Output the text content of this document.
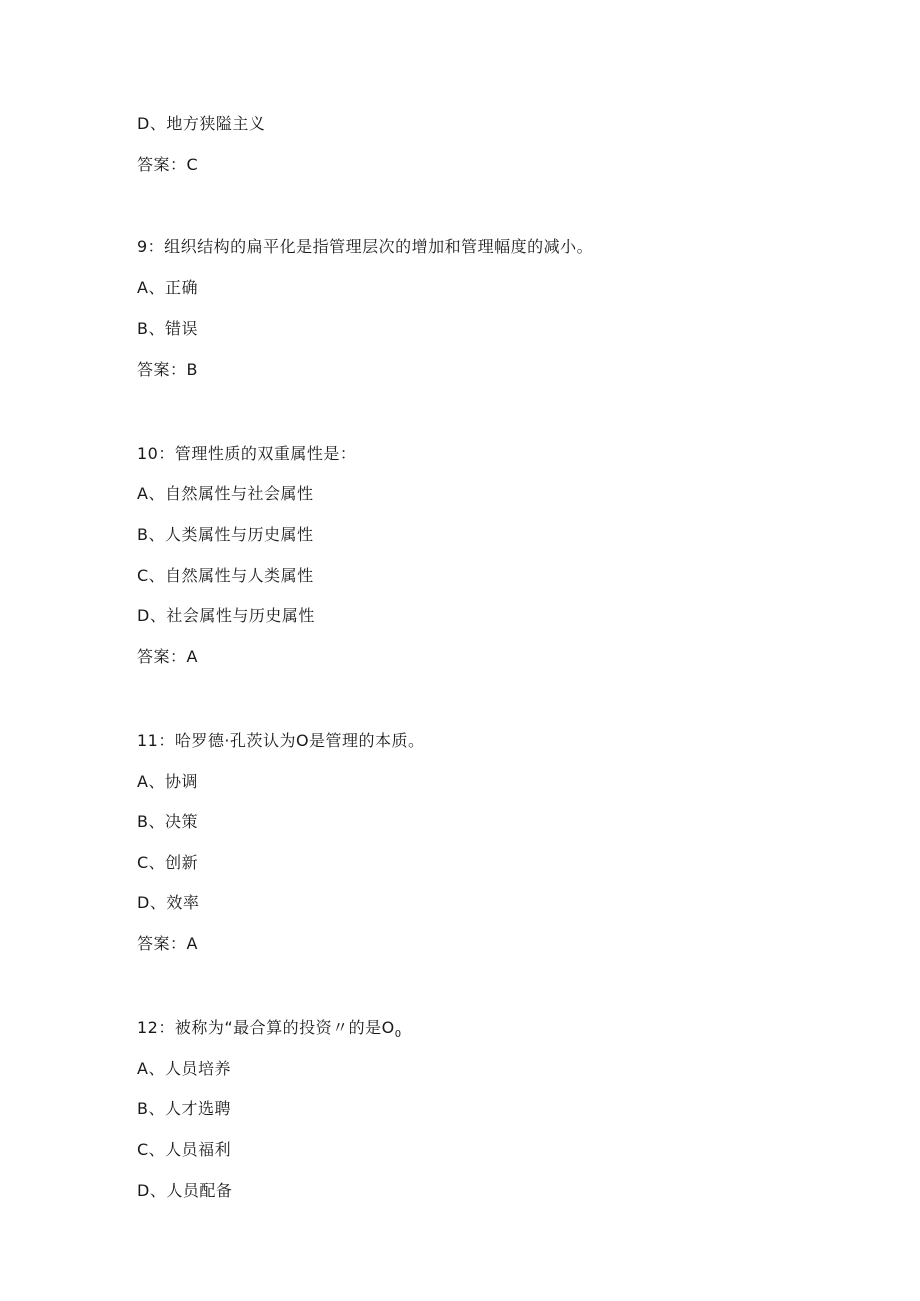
D、地方狭隘主义
答案：C
9：组织结构的扁平化是指管理层次的增加和管理幅度的减小。
A、正确
B、错误
答案：B
10：管理性质的双重属性是：
A、自然属性与社会属性
B、人类属性与历史属性
C、自然属性与人类属性
D、社会属性与历史属性
答案：A
11：哈罗德·孔茨认为O是管理的本质。
A、协调
B、决策
C、创新
D、效率
答案：A
12：被称为“最合算的投资〃的是$O_0$
A、人员培养
B、人才选聘
C、人员福利
D、人员配备
